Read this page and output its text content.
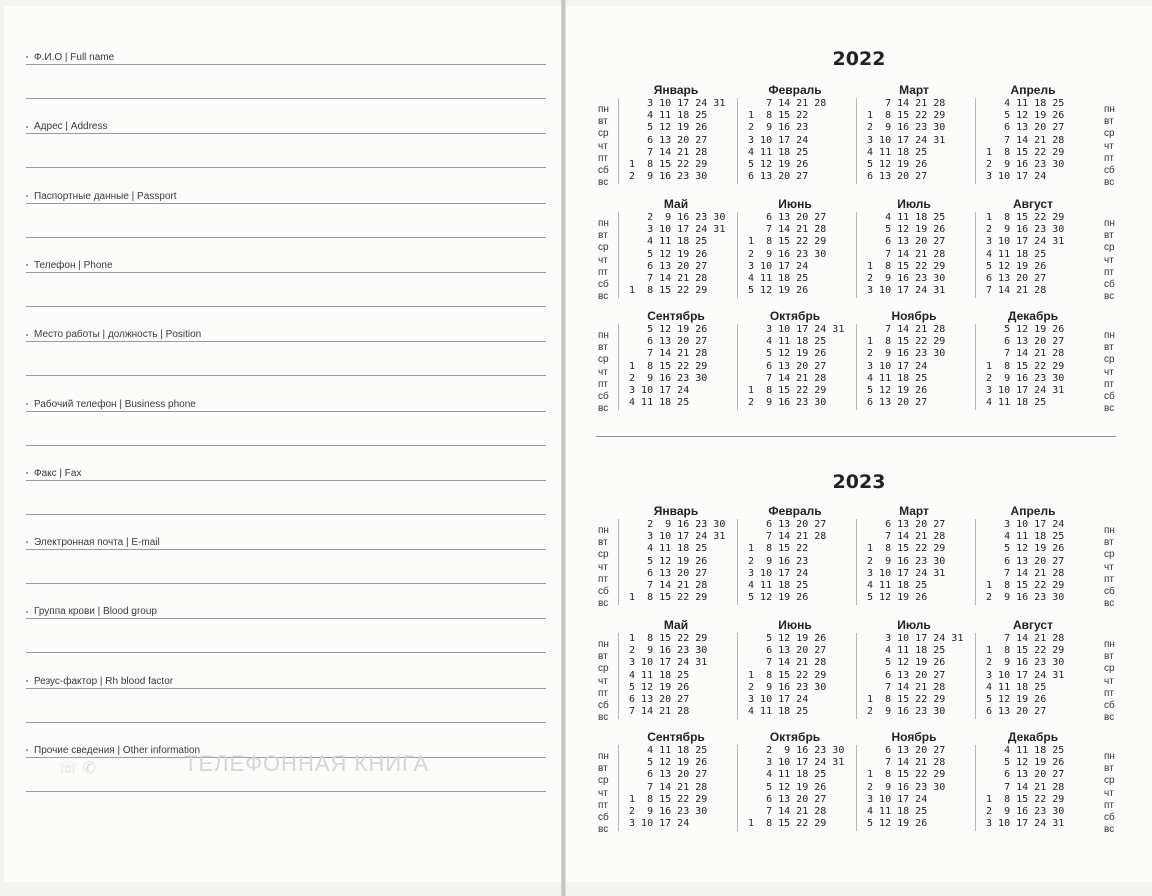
Ф.И.О | Full name
Адрес | Address
Паспортные данные | Passport
Телефон | Phone
Место работы | должность | Position
Рабочий телефон | Business phone
Факс | Fax
Электронная почта | E-mail
Группа крови | Blood group
Резус-фактор | Rh blood factor
Прочие сведения | Other information
☏ ✆	ТЕЛЕФОННАЯ КНИГА
2022
пн
вт
ср
чт
пт
сб
вс
пн
вт
ср
чт
пт
сб
вс
Январь
3 10 17 24 31
4 11 18 25
5 12 19 26
6 13 20 27
7 14 21 28
1  8 15 22 29
2  9 16 23 30
Февраль
7 14 21 28
1  8 15 22
2  9 16 23
3 10 17 24
4 11 18 25
5 12 19 26
6 13 20 27
Март
7 14 21 28
1  8 15 22 29
2  9 16 23 30
3 10 17 24 31
4 11 18 25
5 12 19 26
6 13 20 27
Апрель
4 11 18 25
5 12 19 26
6 13 20 27
7 14 21 28
1  8 15 22 29
2  9 16 23 30
3 10 17 24
пн
вт
ср
чт
пт
сб
вс
пн
вт
ср
чт
пт
сб
вс
Май
2  9 16 23 30
3 10 17 24 31
4 11 18 25
5 12 19 26
6 13 20 27
7 14 21 28
1  8 15 22 29
Июнь
6 13 20 27
7 14 21 28
1  8 15 22 29
2  9 16 23 30
3 10 17 24
4 11 18 25
5 12 19 26
Июль
4 11 18 25
5 12 19 26
6 13 20 27
7 14 21 28
1  8 15 22 29
2  9 16 23 30
3 10 17 24 31
Август
1  8 15 22 29
2  9 16 23 30
3 10 17 24 31
4 11 18 25
5 12 19 26
6 13 20 27
7 14 21 28
пн
вт
ср
чт
пт
сб
вс
пн
вт
ср
чт
пт
сб
вс
Сентябрь
5 12 19 26
6 13 20 27
7 14 21 28
1  8 15 22 29
2  9 16 23 30
3 10 17 24
4 11 18 25
Октябрь
3 10 17 24 31
4 11 18 25
5 12 19 26
6 13 20 27
7 14 21 28
1  8 15 22 29
2  9 16 23 30
Ноябрь
7 14 21 28
1  8 15 22 29
2  9 16 23 30
3 10 17 24
4 11 18 25
5 12 19 26
6 13 20 27
Декабрь
5 12 19 26
6 13 20 27
7 14 21 28
1  8 15 22 29
2  9 16 23 30
3 10 17 24 31
4 11 18 25
2023
пн
вт
ср
чт
пт
сб
вс
пн
вт
ср
чт
пт
сб
вс
Январь
2  9 16 23 30
3 10 17 24 31
4 11 18 25
5 12 19 26
6 13 20 27
7 14 21 28
1  8 15 22 29
Февраль
6 13 20 27
7 14 21 28
1  8 15 22
2  9 16 23
3 10 17 24
4 11 18 25
5 12 19 26
Март
6 13 20 27
7 14 21 28
1  8 15 22 29
2  9 16 23 30
3 10 17 24 31
4 11 18 25
5 12 19 26
Апрель
3 10 17 24
4 11 18 25
5 12 19 26
6 13 20 27
7 14 21 28
1  8 15 22 29
2  9 16 23 30
пн
вт
ср
чт
пт
сб
вс
пн
вт
ср
чт
пт
сб
вс
Май
1  8 15 22 29
2  9 16 23 30
3 10 17 24 31
4 11 18 25
5 12 19 26
6 13 20 27
7 14 21 28
Июнь
5 12 19 26
6 13 20 27
7 14 21 28
1  8 15 22 29
2  9 16 23 30
3 10 17 24
4 11 18 25
Июль
3 10 17 24 31
4 11 18 25
5 12 19 26
6 13 20 27
7 14 21 28
1  8 15 22 29
2  9 16 23 30
Август
7 14 21 28
1  8 15 22 29
2  9 16 23 30
3 10 17 24 31
4 11 18 25
5 12 19 26
6 13 20 27
пн
вт
ср
чт
пт
сб
вс
пн
вт
ср
чт
пт
сб
вс
Сентябрь
4 11 18 25
5 12 19 26
6 13 20 27
7 14 21 28
1  8 15 22 29
2  9 16 23 30
3 10 17 24
Октябрь
2  9 16 23 30
3 10 17 24 31
4 11 18 25
5 12 19 26
6 13 20 27
7 14 21 28
1  8 15 22 29
Ноябрь
6 13 20 27
7 14 21 28
1  8 15 22 29
2  9 16 23 30
3 10 17 24
4 11 18 25
5 12 19 26
Декабрь
4 11 18 25
5 12 19 26
6 13 20 27
7 14 21 28
1  8 15 22 29
2  9 16 23 30
3 10 17 24 31
